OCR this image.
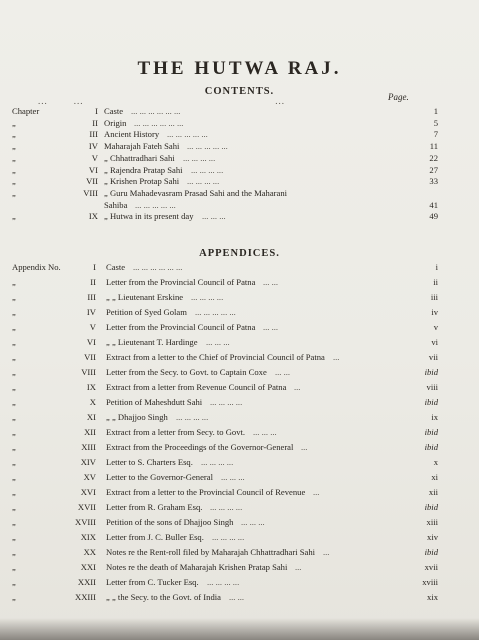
THE HUTWA RAJ.
CONTENTS.	Page.
...        ...                                                           ...
Chapter	I Caste ... ... ... ... ... ...	1
„	II Origin ... ... ... ... ... ...	5
„	III Ancient History ... ... ... ... ...	7
„	IV Maharajah Fateh Sahi ... ... ... ... ...	11
„	V „ Chhattradhari Sahi ... ... ... ...	22
„	VI „ Rajendra Pratap Sahi ... ... ... ...	27
„	VII „ Krishen Protap Sahi ... ... ... ...	33
„	VIII „ Guru Mahadevasram Prasad Sahi and the Maharani
Sahiba ... ... ... ... ...	41
„	IX „ Hutwa in its present day ... ... ...	49
APPENDICES.
Appendix No.	I Caste ... ... ... ... ... ...	i
„	II Letter from the Provincial Council of Patna ... ...	ii
„	III „ „ Lieutenant Erskine ... ... ... ...	iii
„	IV Petition of Syed Golam ... ... ... ... ...	iv
„	V Letter from the Provincial Council of Patna ... ...	v
„	VI „ „ Lieutenant T. Hardinge ... ... ...	vi
„	VII Extract from a letter to the Chief of Provincial Council of Patna ...	vii
„	VIII Letter from the Secy. to Govt. to Captain Coxe ... ...	ibid
„	IX Extract from a letter from Revenue Council of Patna ...	viii
„	X Petition of Maheshdutt Sahi ... ... ... ...	ibid
„	XI „ „ Dhajjoo Singh ... ... ... ...	ix
„	XII Extract from a letter from Secy. to Govt. ... ... ...	ibid
„	XIII Extract from the Proceedings of the Governor-General ...	ibid
„	XIV Letter to S. Charters Esq. ... ... ... ...	x
„	XV Letter to the Governor-General ... ... ...	xi
„	XVI Extract from a letter to the Provincial Council of Revenue ...	xii
„	XVII Letter from R. Graham Esq. ... ... ... ...	ibid
„	XVIII Petition of the sons of Dhajjoo Singh ... ... ...	xiii
„	XIX Letter from J. C. Buller Esq. ... ... ... ...	xiv
„	XX Notes re the Rent-roll filed by Maharajah Chhattradhari Sahi ...	ibid
„	XXI Notes re the death of Maharajah Krishen Pratap Sahi ...	xvii
„	XXII Letter from C. Tucker Esq. ... ... ... ...	xviii
„	XXIII „ „ the Secy. to the Govt. of India ... ...	xix
